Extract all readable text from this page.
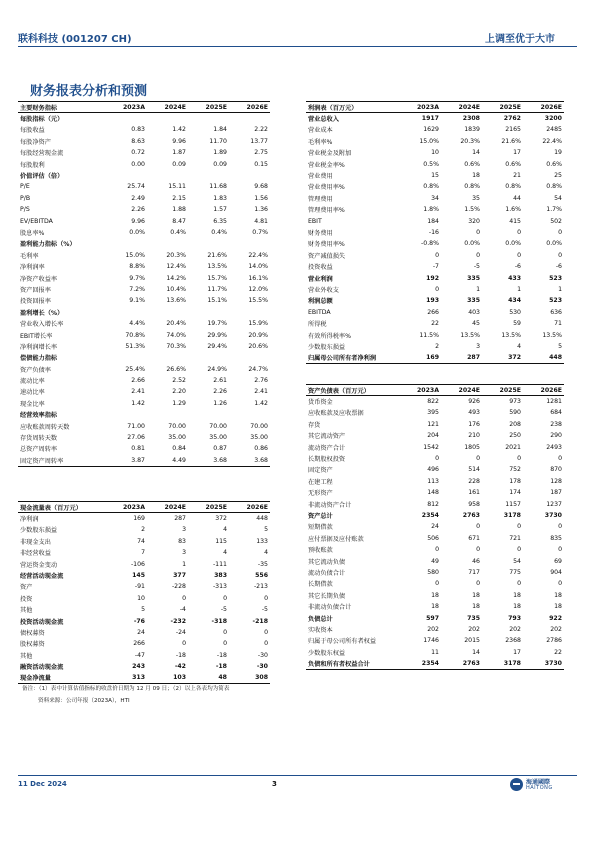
联科科技 (001207 CH)	上调至优于大市
财务报表分析和预测
主要财务指标	2023A	2024E	2025E	2026E
每股指标（元）				
每股收益	0.83	1.42	1.84	2.22
每股净资产	8.63	9.96	11.70	13.77
每股经营现金流	0.72	1.87	1.89	2.75
每股股利	0.00	0.09	0.09	0.15
价值评估（倍）				
P/E	25.74	15.11	11.68	9.68
P/B	2.49	2.15	1.83	1.56
P/S	2.26	1.88	1.57	1.36
EV/EBITDA	9.96	8.47	6.35	4.81
股息率%	0.0%	0.4%	0.4%	0.7%
盈利能力指标（%）				
毛利率	15.0%	20.3%	21.6%	22.4%
净利润率	8.8%	12.4%	13.5%	14.0%
净资产收益率	9.7%	14.2%	15.7%	16.1%
资产回报率	7.2%	10.4%	11.7%	12.0%
投资回报率	9.1%	13.6%	15.1%	15.5%
盈利增长（%）				
营业收入增长率	4.4%	20.4%	19.7%	15.9%
EBIT增长率	70.8%	74.0%	29.9%	20.9%
净利润增长率	51.3%	70.3%	29.4%	20.6%
偿债能力指标				
资产负债率	25.4%	26.6%	24.9%	24.7%
流动比率	2.66	2.52	2.61	2.76
速动比率	2.41	2.20	2.26	2.41
现金比率	1.42	1.29	1.26	1.42
经营效率指标				
应收账款周转天数	71.00	70.00	70.00	70.00
存货周转天数	27.06	35.00	35.00	35.00
总资产周转率	0.81	0.84	0.87	0.86
固定资产周转率	3.87	4.49	3.68	3.68
现金流量表（百万元）	2023A	2024E	2025E	2026E
净利润	169	287	372	448
少数股东损益	2	3	4	5
非现金支出	74	83	115	133
非经营收益	7	3	4	4
营运资金变动	-106	1	-111	-35
经营活动现金流	145	377	383	556
资产	-91	-228	-313	-213
投资	10	0	0	0
其他	5	-4	-5	-5
投资活动现金流	-76	-232	-318	-218
债权募资	24	-24	0	0
股权募资	266	0	0	0
其他	-47	-18	-18	-30
融资活动现金流	243	-42	-18	-30
现金净流量	313	103	48	308
利润表（百万元）	2023A	2024E	2025E	2026E
营业总收入	1917	2308	2762	3200
营业成本	1629	1839	2165	2485
毛利率%	15.0%	20.3%	21.6%	22.4%
营业税金及附加	10	14	17	19
营业税金率%	0.5%	0.6%	0.6%	0.6%
营业费用	15	18	21	25
营业费用率%	0.8%	0.8%	0.8%	0.8%
管理费用	34	35	44	54
管理费用率%	1.8%	1.5%	1.6%	1.7%
EBIT	184	320	415	502
财务费用	-16	0	0	0
财务费用率%	-0.8%	0.0%	0.0%	0.0%
资产减值损失	0	0	0	0
投资收益	-7	-5	-6	-6
营业利润	192	335	433	523
营业外收支	0	1	1	1
利润总额	193	335	434	523
EBITDA	266	403	530	636
所得税	22	45	59	71
有效所得税率%	11.5%	13.5%	13.5%	13.5%
少数股东损益	2	3	4	5
归属母公司所有者净利润	169	287	372	448
资产负债表（百万元）	2023A	2024E	2025E	2026E
货币资金	822	926	973	1281
应收账款及应收票据	395	493	590	684
存货	121	176	208	238
其它流动资产	204	210	250	290
流动资产合计	1542	1805	2021	2493
长期股权投资	0	0	0	0
固定资产	496	514	752	870
在建工程	113	228	178	128
无形资产	148	161	174	187
非流动资产合计	812	958	1157	1237
资产总计	2354	2763	3178	3730
短期借款	24	0	0	0
应付票据及应付账款	506	671	721	835
预收账款	0	0	0	0
其它流动负债	49	46	54	69
流动负债合计	580	717	775	904
长期借款	0	0	0	0
其它长期负债	18	18	18	18
非流动负债合计	18	18	18	18
负债总计	597	735	793	922
实收资本	202	202	202	202
归属于母公司所有者权益	1746	2015	2368	2786
少数股东权益	11	14	17	22
负债和所有者权益合计	2354	2763	3178	3730
备注：（1）表中计算估值指标的收盘价日期为 12 月 09 日；（2）以上各表均为简表
资料来源：公司年报（2023A），HTI
11 Dec 2024	3	海通國際
HAITONG
